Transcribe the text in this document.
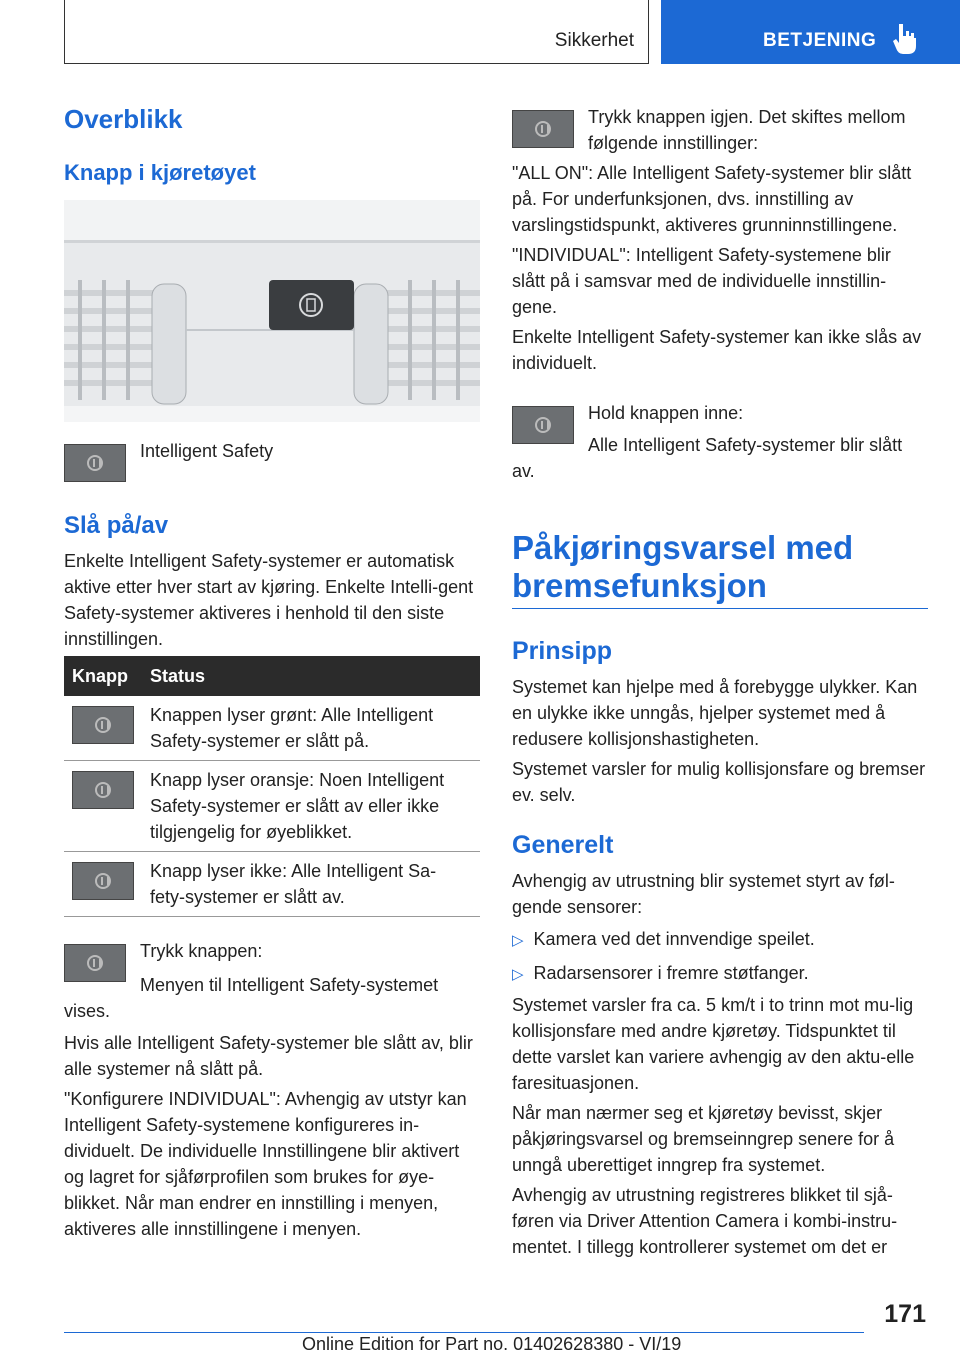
Sikkerhet	BETJENING
Overblikk
Knapp i kjøretøyet

Intelligent Safety

Slå på/av

Enkelte Intelligent Safety-systemer er automatisk aktive etter hver start av kjøring. Enkelte Intelli-gent Safety-systemer aktiveres i henhold til den siste innstillingen.

Knapp Status

Knappen lyser grønt: Alle Intelligent Safety-systemer er slått på.

Knapp lyser oransje: Noen Intelligent Safety-systemer er slått av eller ikke tilgjengelig for øyeblikket.

Knapp lyser ikke: Alle Intelligent Sa-fety-systemer er slått av.

Trykk knappen:

Menyen til Intelligent Safety-systemet

vises.

Hvis alle Intelligent Safety-systemer ble slått av, blir alle systemer nå slått på.

"Konfigurere INDIVIDUAL": Avhengig av utstyr kan Intelligent Safety-systemene konfigureres in-dividuelt. De individuelle Innstillingene blir aktivert og lagret for sjåførprofilen som brukes for øye-blikket. Når man endrer en innstilling i menyen, aktiveres alle innstillingene i menyen.

Trykk knappen igjen. Det skiftes mellom

følgende innstillinger:

"ALL ON": Alle Intelligent Safety-systemer blir slått på. For underfunksjonen, dvs. innstilling av varslingstidspunkt, aktiveres grunninnstillingene.

"INDIVIDUAL": Intelligent Safety-systemene blir slått på i samsvar med de individuelle innstillin-gene.

Enkelte Intelligent Safety-systemer kan ikke slås av individuelt.

Hold knappen inne:

Alle Intelligent Safety-systemer blir slått

av.

Påkjøringsvarsel med
bremsefunksjon
Prinsipp

Systemet kan hjelpe med å forebygge ulykker. Kan en ulykke ikke unngås, hjelper systemet med å redusere kollisjonshastigheten.

Systemet varsler for mulig kollisjonsfare og bremser ev. selv.

Generelt

Avhengig av utrustning blir systemet styrt av føl-gende sensorer:

▷ Kamera ved det innvendige speilet.

▷ Radarsensorer i fremre støtfanger.

Systemet varsler fra ca. 5 km/t i to trinn mot mu-lig kollisjonsfare med andre kjøretøy. Tidspunktet til dette varslet kan variere avhengig av den aktu-elle faresituasjonen.

Når man nærmer seg et kjøretøy bevisst, skjer påkjøringsvarsel og bremseinngrep senere for å unngå uberettiget inngrep fra systemet.

Avhengig av utrustning registreres blikket til sjå-føren via Driver Attention Camera i kombi-instru-mentet. I tillegg kontrollerer systemet om det er

171
Online Edition for Part no. 01402628380 - VI/19
